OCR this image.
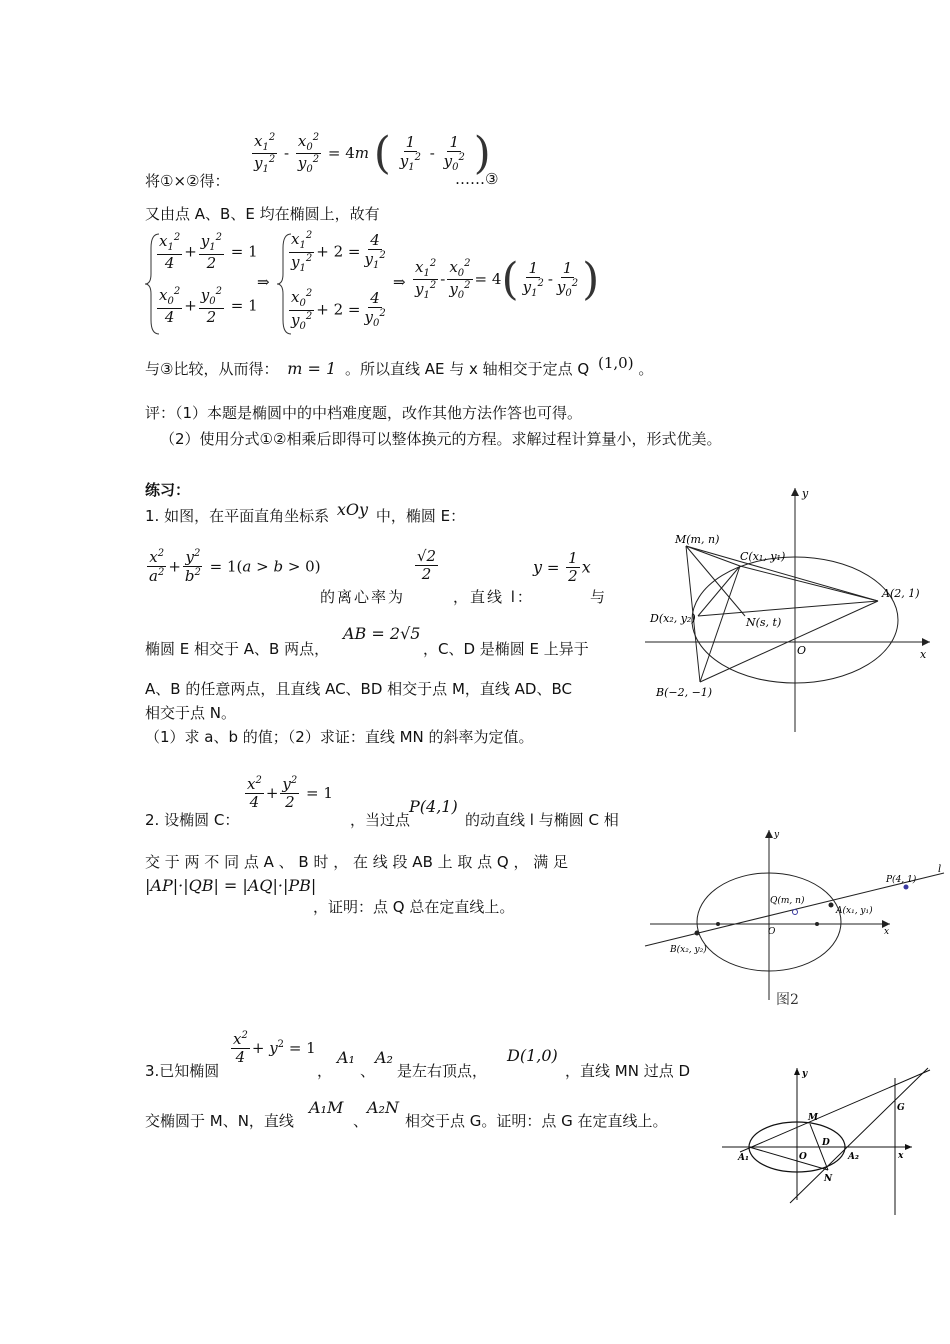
将①×②得：
$\frac{x_1^2}{y_1^2} - \frac{x_0^2}{y_0^2} = 4m$ ( $\frac{1}{y_1^2} - \frac{1}{y_0^2}$ )
……③
又由点 A、B、E 均在椭圆上，故有
$\frac{x_1^2}{4} + \frac{y_1^2}{2} = 1$
$\frac{x_0^2}{4} + \frac{y_0^2}{2} = 1$
⇒
$\frac{x_1^2}{y_1^2} + 2 = \frac{4}{y_1^2}$
$\frac{x_0^2}{y_0^2} + 2 = \frac{4}{y_0^2}$
⇒ $\frac{x_1^2}{y_1^2} - \frac{x_0^2}{y_0^2} = 4( \frac{1}{y_1^2} - \frac{1}{y_0^2}$ )
与③比较，从而得： m = 1 。所以直线 AE 与 x 轴相交于定点 Q (1,0) 。
评：（1）本题是椭圆中的中档难度题，改作其他方法作答也可得。
（2）使用分式①②相乘后即得可以整体换元的方程。求解过程计算量小，形式优美。
练习：
1. 如图，在平面直角坐标系 xOy 中，椭圆 E：
$\frac{x^2}{a^2} + \frac{y^2}{b^2} = 1(a > b > 0)$
的离心率为
$\frac{√2}{2}$
，直线 l：
$y = \frac{1}{2}$ x
与
椭圆 E 相交于 A、B 两点，
AB = 2√5
，C、D 是椭圆 E 上异于
A、B 的任意两点，且直线 AC、BD 相交于点 M，直线 AD、BC
相交于点 N。
（1）求 a、b 的值；（2）求证：直线 MN 的斜率为定值。
2. 设椭圆 C：
$\frac{x^2}{4} + \frac{y^2}{2} = 1$
，当过点
P(4,1)
的动直线 l 与椭圆 C 相
交 于 两 不 同 点 A 、 B 时 ， 在 线 段 AB 上 取 点 Q ， 满 足
|AP|·|QB| = |AQ|·|PB|
，证明：点 Q 总在定直线上。
3.已知椭圆
$\frac{x^2}{4} + y^2 = 1$
，
A₁
、
A₂
是左右顶点，
D(1,0)
，直线 MN 过点 D
交椭圆于 M、N，直线
A₁M
、
A₂N
相交于点 G。证明：点 G 在定直线上。
y
x
O
M(m, n)
C(x₁, y₁)
A(2, 1)
D(x₂, y₂)	N(s, t)
B(−2, −1)
y
x
O
Q(m, n)
A(x₁, y₁)
P(4, 1)
B(x₂, y₂)
l
图2
y
x
O
M
D
N
A₁	A₂
G
